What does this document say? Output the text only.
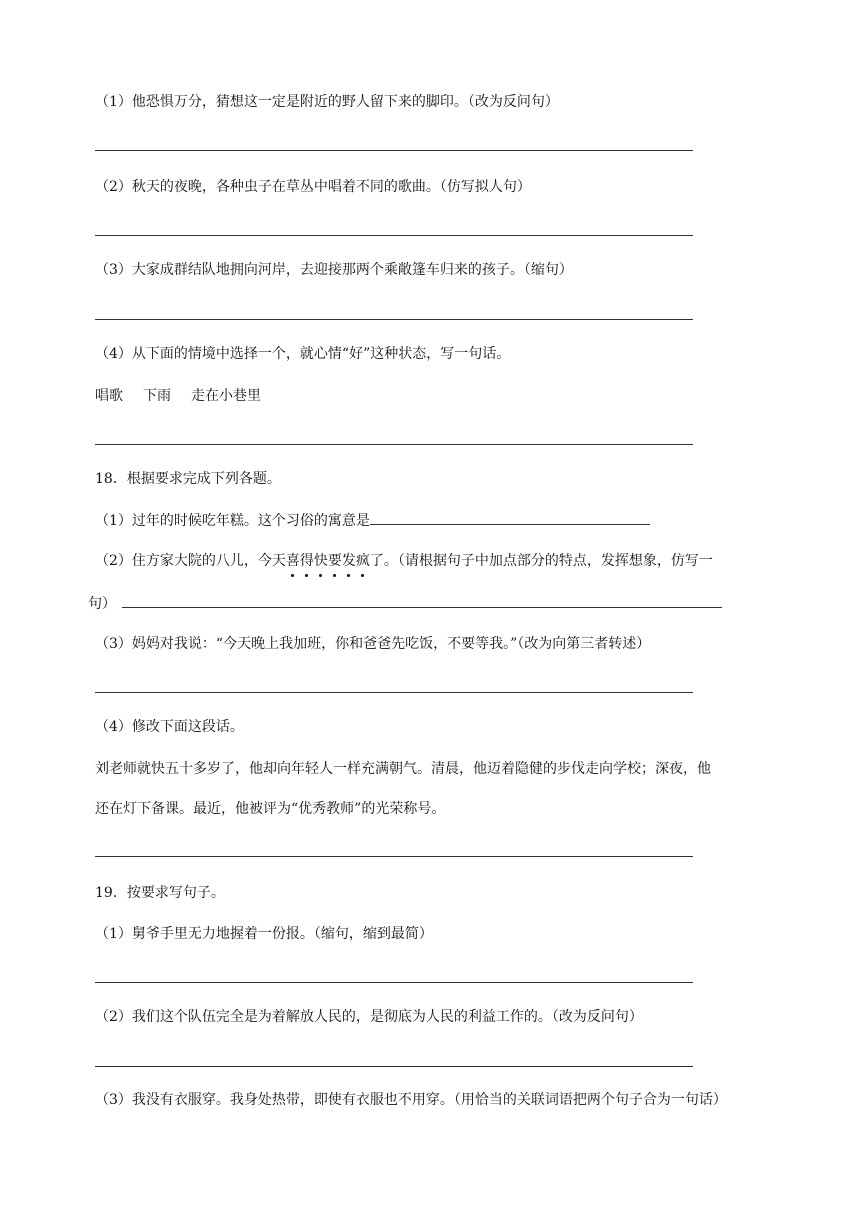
（1）他恐惧万分，猜想这一定是附近的野人留下来的脚印。（改为反问句）
（2）秋天的夜晚，各种虫子在草丛中唱着不同的歌曲。（仿写拟人句）
（3）大家成群结队地拥向河岸，去迎接那两个乘敞篷车归来的孩子。（缩句）
（4）从下面的情境中选择一个，就心情“好”这种状态，写一句话。
唱歌 下雨 走在小巷里
18．根据要求完成下列各题。
（1）过年的时候吃年糕。这个习俗的寓意是
（2）住方家大院的八儿，今天喜得快要发疯了。（请根据句子中加点部分的特点，发挥想象，仿写一
句）
（3）妈妈对我说：“今天晚上我加班，你和爸爸先吃饭，不要等我。”（改为向第三者转述）
（4）修改下面这段话。
刘老师就快五十多岁了，他却向年轻人一样充满朝气。清晨，他迈着隐健的步伐走向学校；深夜，他
还在灯下备课。最近，他被评为“优秀教师”的光荣称号。
19．按要求写句子。
（1）舅爷手里无力地握着一份报。（缩句，缩到最简）
（2）我们这个队伍完全是为着解放人民的，是彻底为人民的利益工作的。（改为反问句）
（3）我没有衣服穿。我身处热带，即使有衣服也不用穿。（用恰当的关联词语把两个句子合为一句话）
